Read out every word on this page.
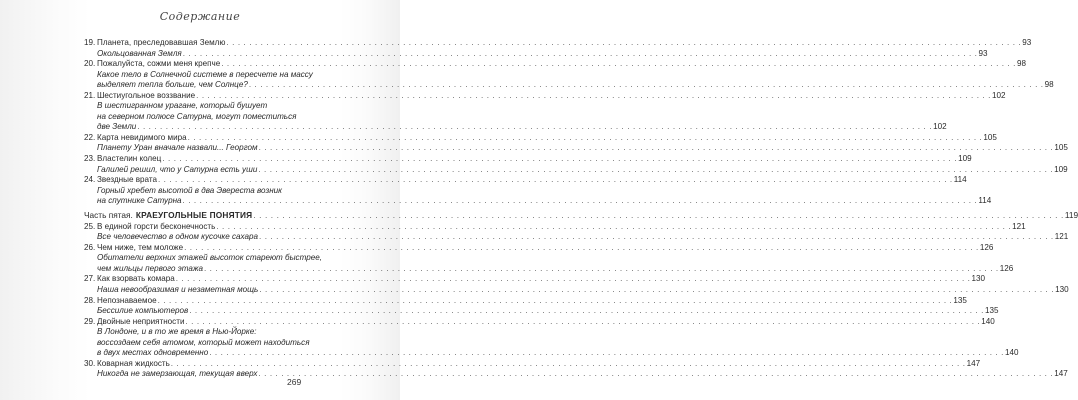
Содержание
19. Планета, преследовавшая Землю . . .	93
Окольцованная Земля . . .	93
20. Пожалуйста, сожми меня крепче . . .	98
Какое тело в Солнечной системе в пересчете на массу
выделяет тепла больше, чем Солнце? . . .	98
21. Шестиугольное воззвание . . .	102
В шестигранном урагане, который бушует
на северном полюсе Сатурна, могут поместиться
две Земли . . .	102
22. Карта невидимого мира . . .	105
Планету Уран вначале назвали... Георгом . . .	105
23. Властелин колец . . .	109
Галилей решил, что у Сатурна есть уши . . .	109
24. Звездные врата . . .	114
Горный хребет высотой в два Эвереста возник
на спутнике Сатурна . . .	114
Часть пятая. КРАЕУГОЛЬНЫЕ ПОНЯТИЯ . . .	119
25. В единой горсти бесконечность . . .	121
Все человечество в одном кусочке сахара . . .	121
26. Чем ниже, тем моложе . . .	126
Обитатели верхних этажей высоток стареют быстрее,
чем жильцы первого этажа . . .	126
27. Как взорвать комара . . .	130
Наша невообразимая и незаметная мощь . . .	130
28. Непознаваемое . . .	135
Бессилие компьютеров . . .	135
29. Двойные неприятности . . .	140
В Лондоне, и в то же время в Нью-Йорке:
воссоздаем себя атомом, который может находиться
в двух местах одновременно . . .	140
30. Коварная жидкость . . .	147
Никогда не замерзающая, текущая вверх . . .	147
269
